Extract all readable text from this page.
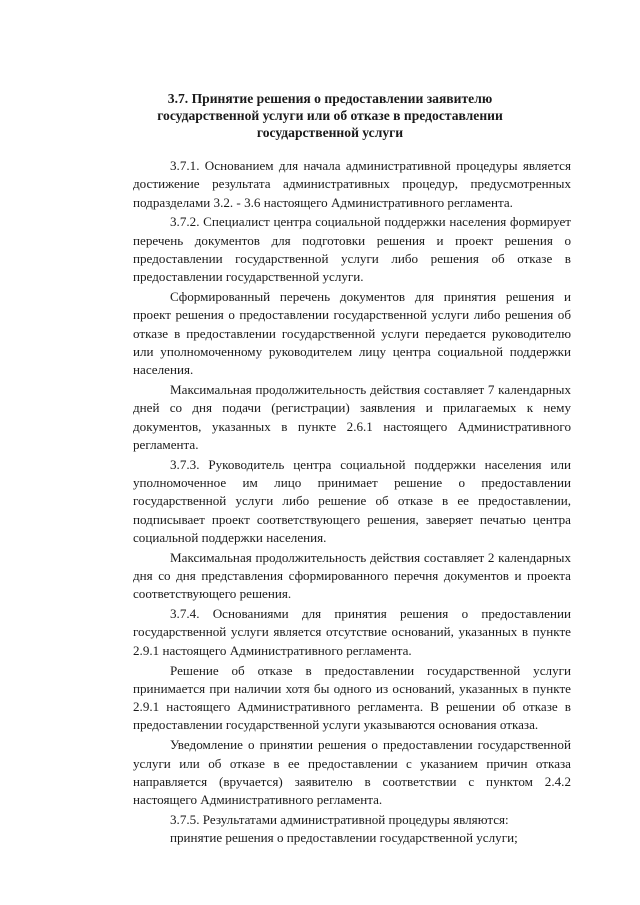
3.7. Принятие решения о предоставлении заявителю
государственной услуги или об отказе в предоставлении
государственной услуги

3.7.1. Основанием для начала административной процедуры является достижение результата административных процедур, предусмотренных подразделами 3.2. - 3.6 настоящего Административного регламента.

3.7.2. Специалист центра социальной поддержки населения формирует перечень документов для подготовки решения и проект решения о предоставлении государственной услуги либо решения об отказе в предоставлении государственной услуги.

Сформированный перечень документов для принятия решения и проект решения о предоставлении государственной услуги либо решения об отказе в предоставлении государственной услуги передается руководителю или уполномоченному руководителем лицу центра социальной поддержки населения.

Максимальная продолжительность действия составляет 7 календарных дней со дня подачи (регистрации) заявления и прилагаемых к нему документов, указанных в пункте 2.6.1 настоящего Административного регламента.

3.7.3. Руководитель центра социальной поддержки населения или уполномоченное им лицо принимает решение о предоставлении государственной услуги либо решение об отказе в ее предоставлении, подписывает проект соответствующего решения, заверяет печатью центра социальной поддержки населения.

Максимальная продолжительность действия составляет 2 календарных дня со дня представления сформированного перечня документов и проекта соответствующего решения.

3.7.4. Основаниями для принятия решения о предоставлении государственной услуги является отсутствие оснований, указанных в пункте 2.9.1 настоящего Административного регламента.

Решение об отказе в предоставлении государственной услуги принимается при наличии хотя бы одного из оснований, указанных в пункте 2.9.1 настоящего Административного регламента. В решении об отказе в предоставлении государственной услуги указываются основания отказа.

Уведомление о принятии решения о предоставлении государственной услуги или об отказе в ее предоставлении с указанием причин отказа направляется (вручается) заявителю в соответствии с пунктом 2.4.2 настоящего Административного регламента.

3.7.5. Результатами административной процедуры являются:

принятие решения о предоставлении государственной услуги;
